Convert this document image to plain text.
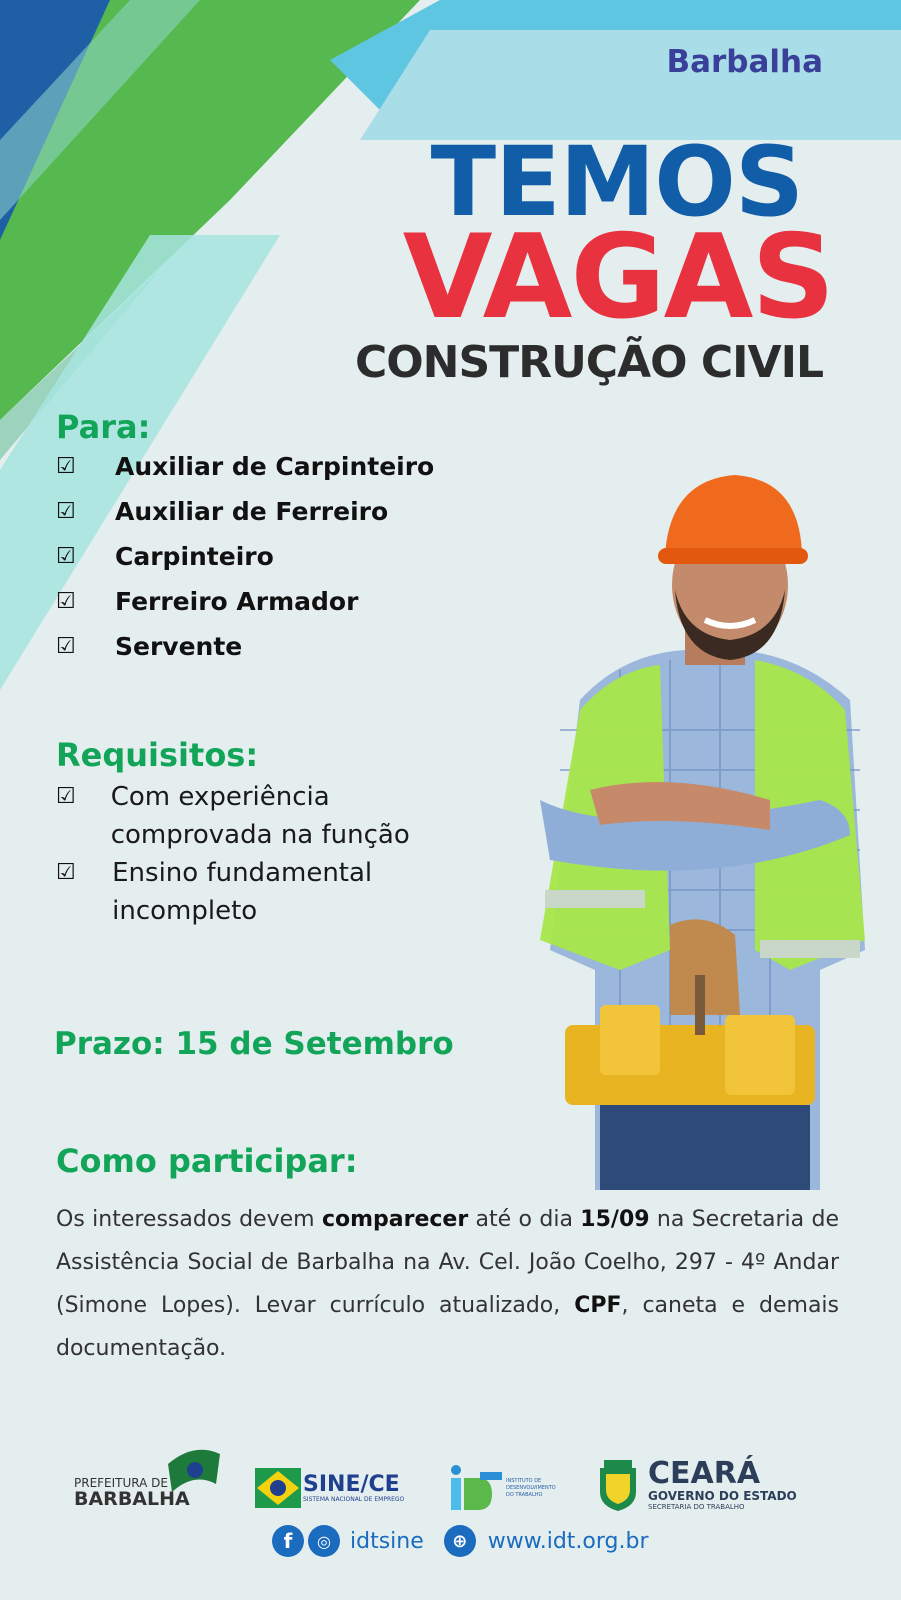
Barbalha
TEMOS
VAGAS
CONSTRUÇÃO CIVIL
Para:
☑ Auxiliar de Carpinteiro
☑ Auxiliar de Ferreiro
☑ Carpinteiro
☑ Ferreiro Armador
☑ Servente
Requisitos:
☑ Com experiência comprovada na função
☑ Ensino fundamental incompleto
Prazo: 15 de Setembro
Como participar:
Os interessados devem comparecer até o dia 15/09 na Secretaria de Assistência Social de Barbalha na Av. Cel. João Coelho, 297 - 4º Andar (Simone Lopes). Levar currículo atualizado, CPF, caneta e demais documentação.
PREFEITURA DE
BARBALHA
SINE/CE
SISTEMA NACIONAL DE EMPREGO
INSTITUTO DE DESENVOLVIMENTO DO TRABALHO
CEARÁ
GOVERNO DO ESTADO
SECRETARIA DO TRABALHO
f	◎ idtsine	⊕ www.idt.org.br
